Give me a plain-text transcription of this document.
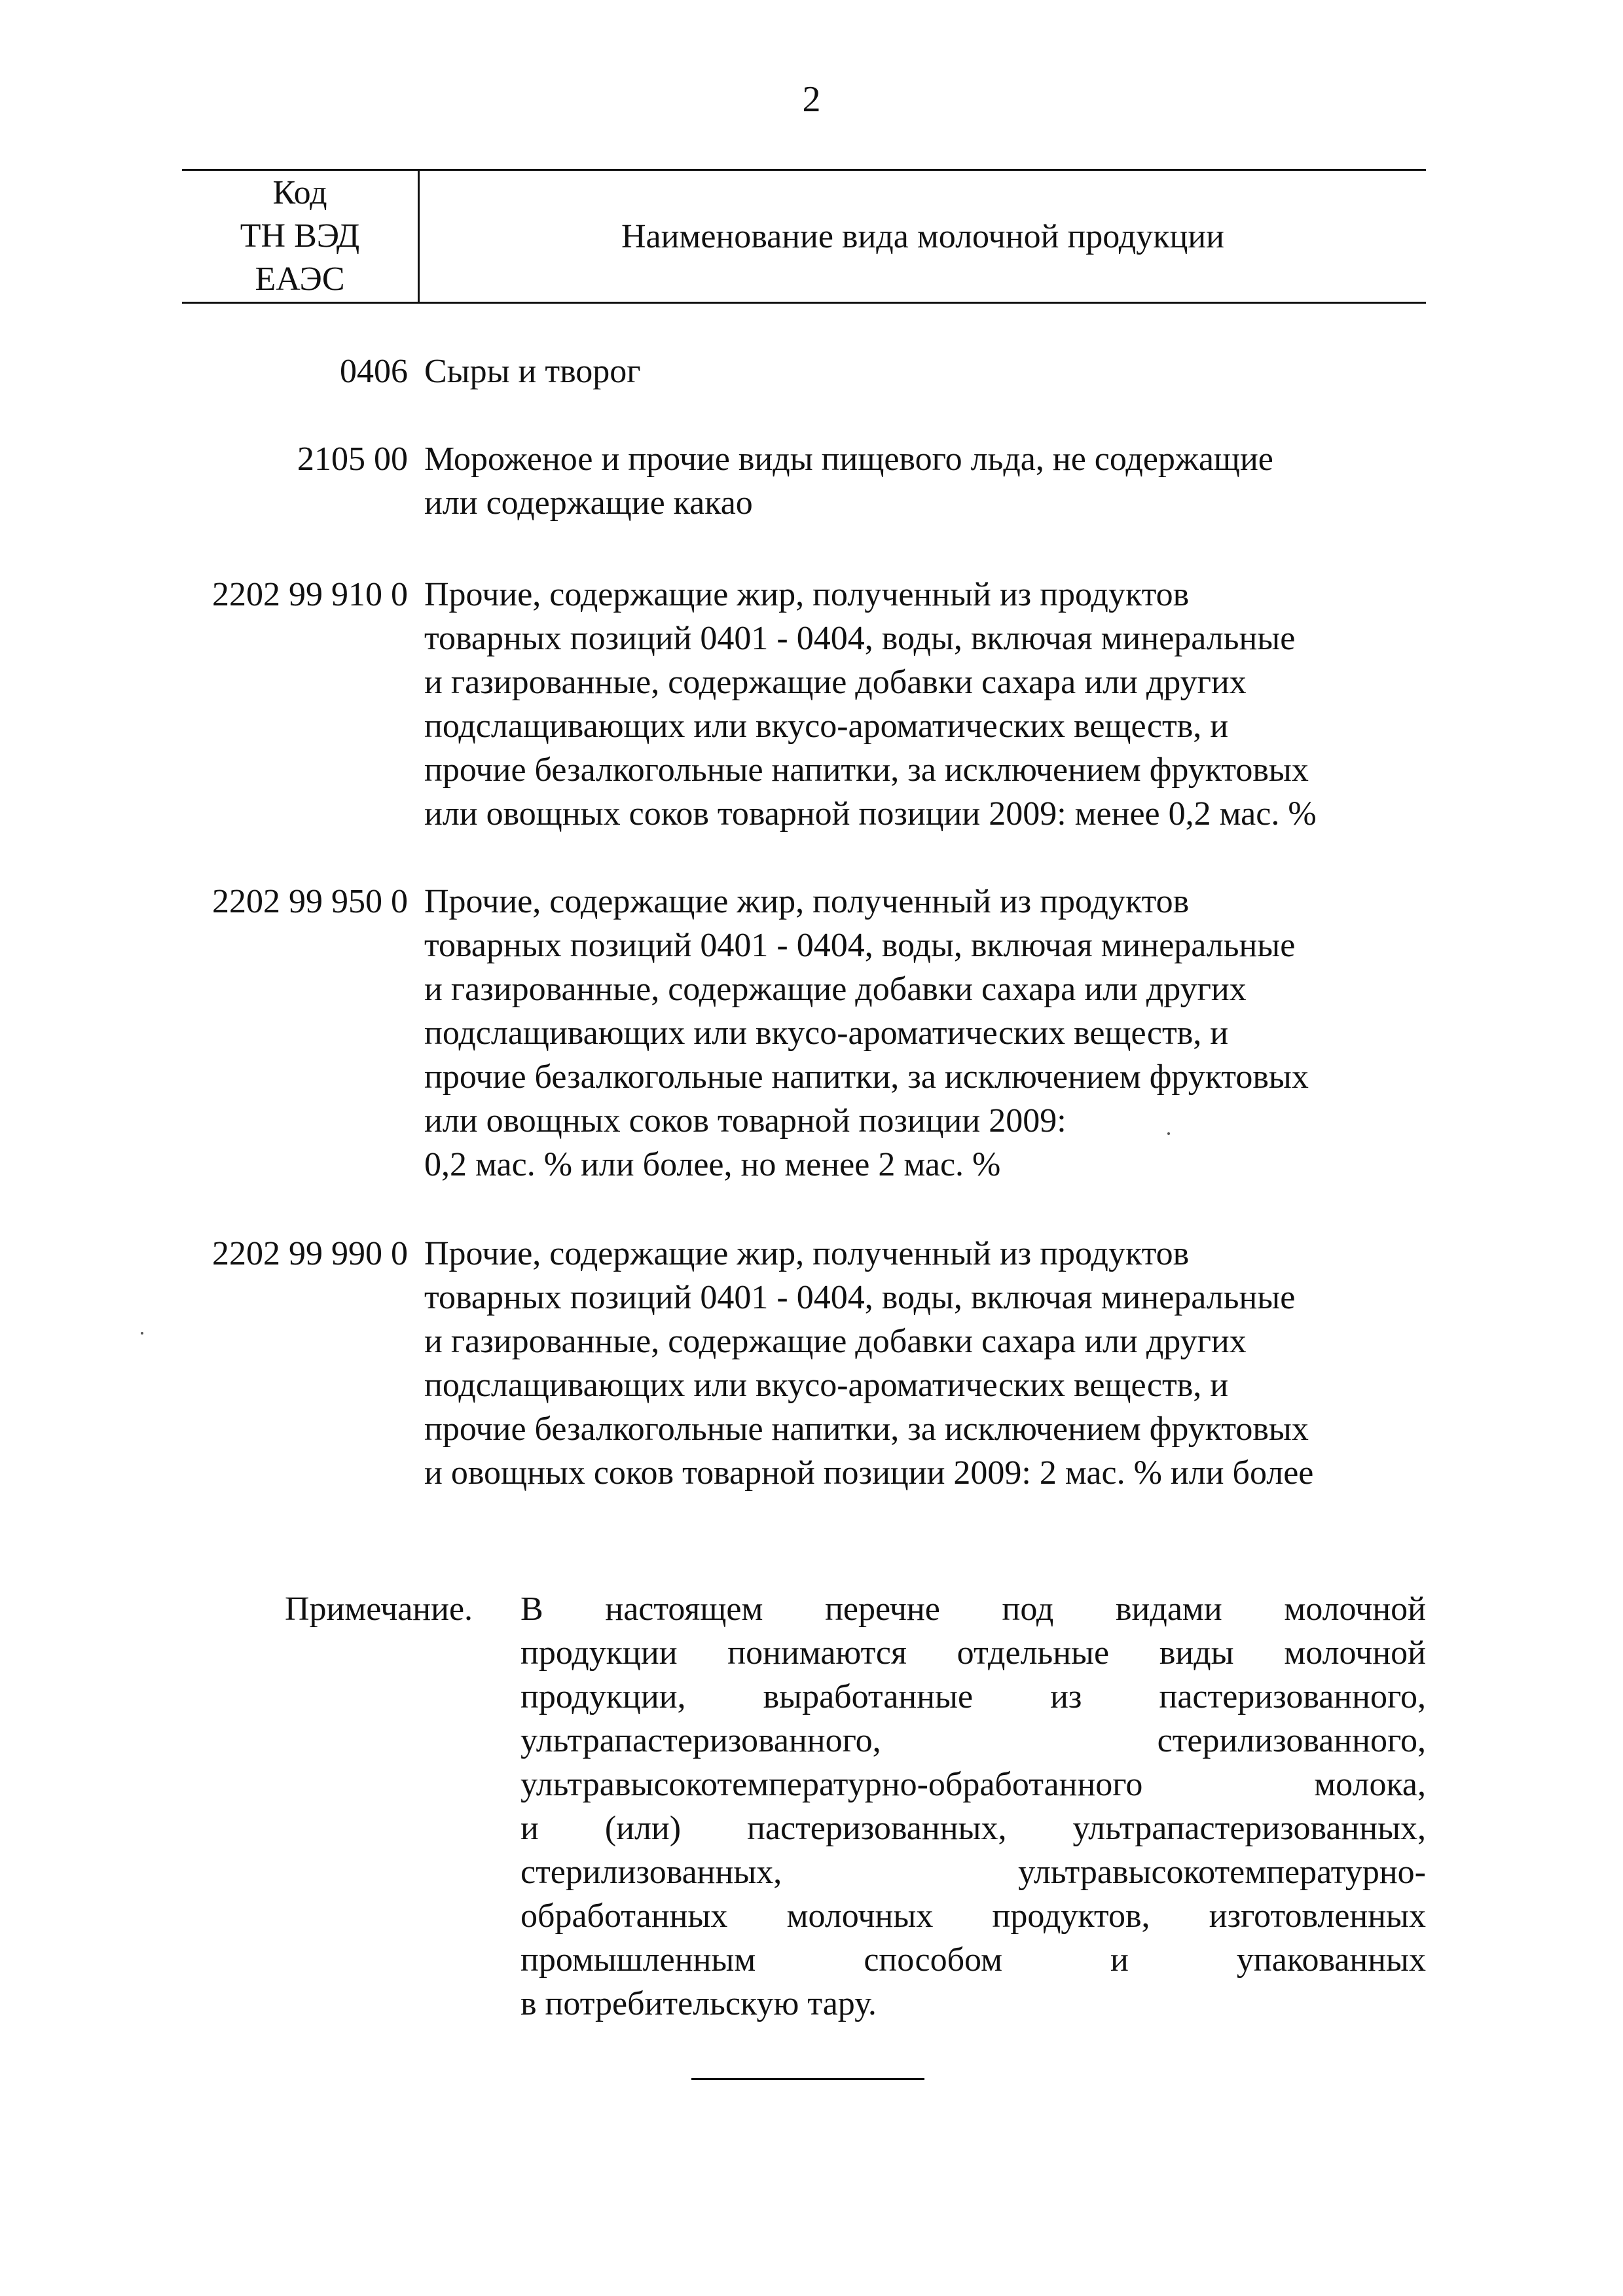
2
Код
ТН ВЭД
ЕАЭС
Наименование вида молочной продукции
0406 Сыры и творог
2105 00 Мороженое и прочие виды пищевого льда, не содержащие
или содержащие какао
2202 99 910 0 Прочие, содержащие жир, полученный из продуктов
товарных позиций 0401 - 0404, воды, включая минеральные
и газированные, содержащие добавки сахара или других
подслащивающих или вкусо-ароматических веществ, и
прочие безалкогольные напитки, за исключением фруктовых
или овощных соков товарной позиции 2009: менее 0,2 мас. %
2202 99 950 0 Прочие, содержащие жир, полученный из продуктов
товарных позиций 0401 - 0404, воды, включая минеральные
и газированные, содержащие добавки сахара или других
подслащивающих или вкусо-ароматических веществ, и
прочие безалкогольные напитки, за исключением фруктовых
или овощных соков товарной позиции 2009:
0,2 мас. % или более, но менее 2 мас. %
2202 99 990 0 Прочие, содержащие жир, полученный из продуктов
товарных позиций 0401 - 0404, воды, включая минеральные
и газированные, содержащие добавки сахара или других
подслащивающих или вкусо-ароматических веществ, и
прочие безалкогольные напитки, за исключением фруктовых
и овощных соков товарной позиции 2009: 2 мас. % или более
Примечание. В настоящем перечне под видами молочной
продукции понимаются отдельные виды молочной
продукции, выработанные из пастеризованного,
ультрапастеризованного, стерилизованного,
ультравысокотемпературно-обработанного молока,
и (или) пастеризованных, ультрапастеризованных,
стерилизованных, ультравысокотемпературно-
обработанных молочных продуктов, изготовленных
промышленным способом и упакованных
в потребительскую тару.
